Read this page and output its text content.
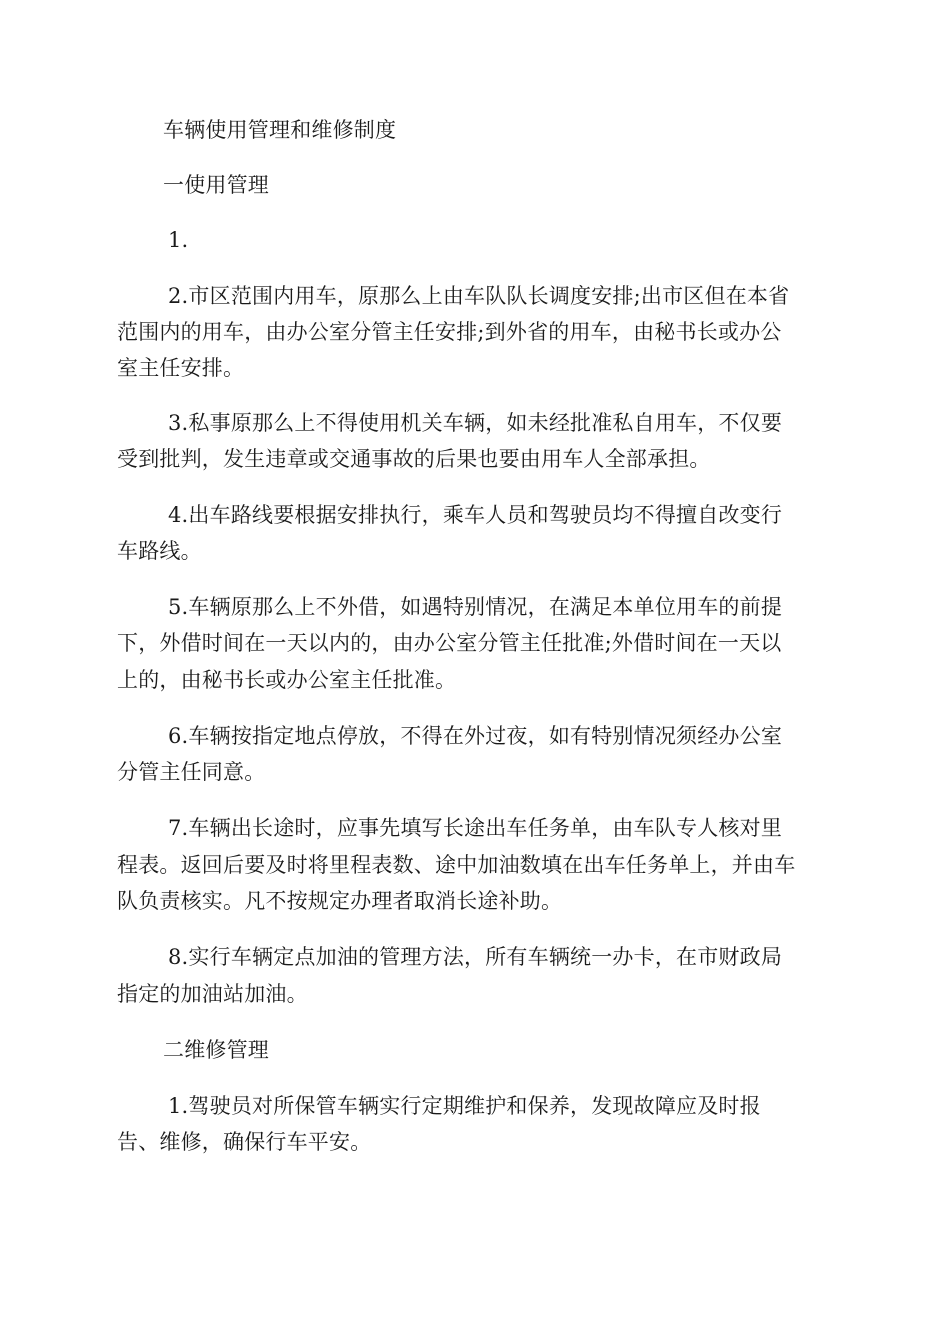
车辆使用管理和维修制度
一使用管理
1.
2.市区范围内用车，原那么上由车队队长调度安排;出市区但在本省
范围内的用车，由办公室分管主任安排;到外省的用车，由秘书长或办公
室主任安排。
3.私事原那么上不得使用机关车辆，如未经批准私自用车，不仅要
受到批判，发生违章或交通事故的后果也要由用车人全部承担。
4.出车路线要根据安排执行，乘车人员和驾驶员均不得擅自改变行
车路线。
5.车辆原那么上不外借，如遇特别情况，在满足本单位用车的前提
下，外借时间在一天以内的，由办公室分管主任批准;外借时间在一天以
上的，由秘书长或办公室主任批准。
6.车辆按指定地点停放，不得在外过夜，如有特别情况须经办公室
分管主任同意。
7.车辆出长途时，应事先填写长途出车任务单，由车队专人核对里
程表。返回后要及时将里程表数、途中加油数填在出车任务单上，并由车
队负责核实。凡不按规定办理者取消长途补助。
8.实行车辆定点加油的管理方法，所有车辆统一办卡，在市财政局
指定的加油站加油。
二维修管理
1.驾驶员对所保管车辆实行定期维护和保养，发现故障应及时报
告、维修，确保行车平安。
